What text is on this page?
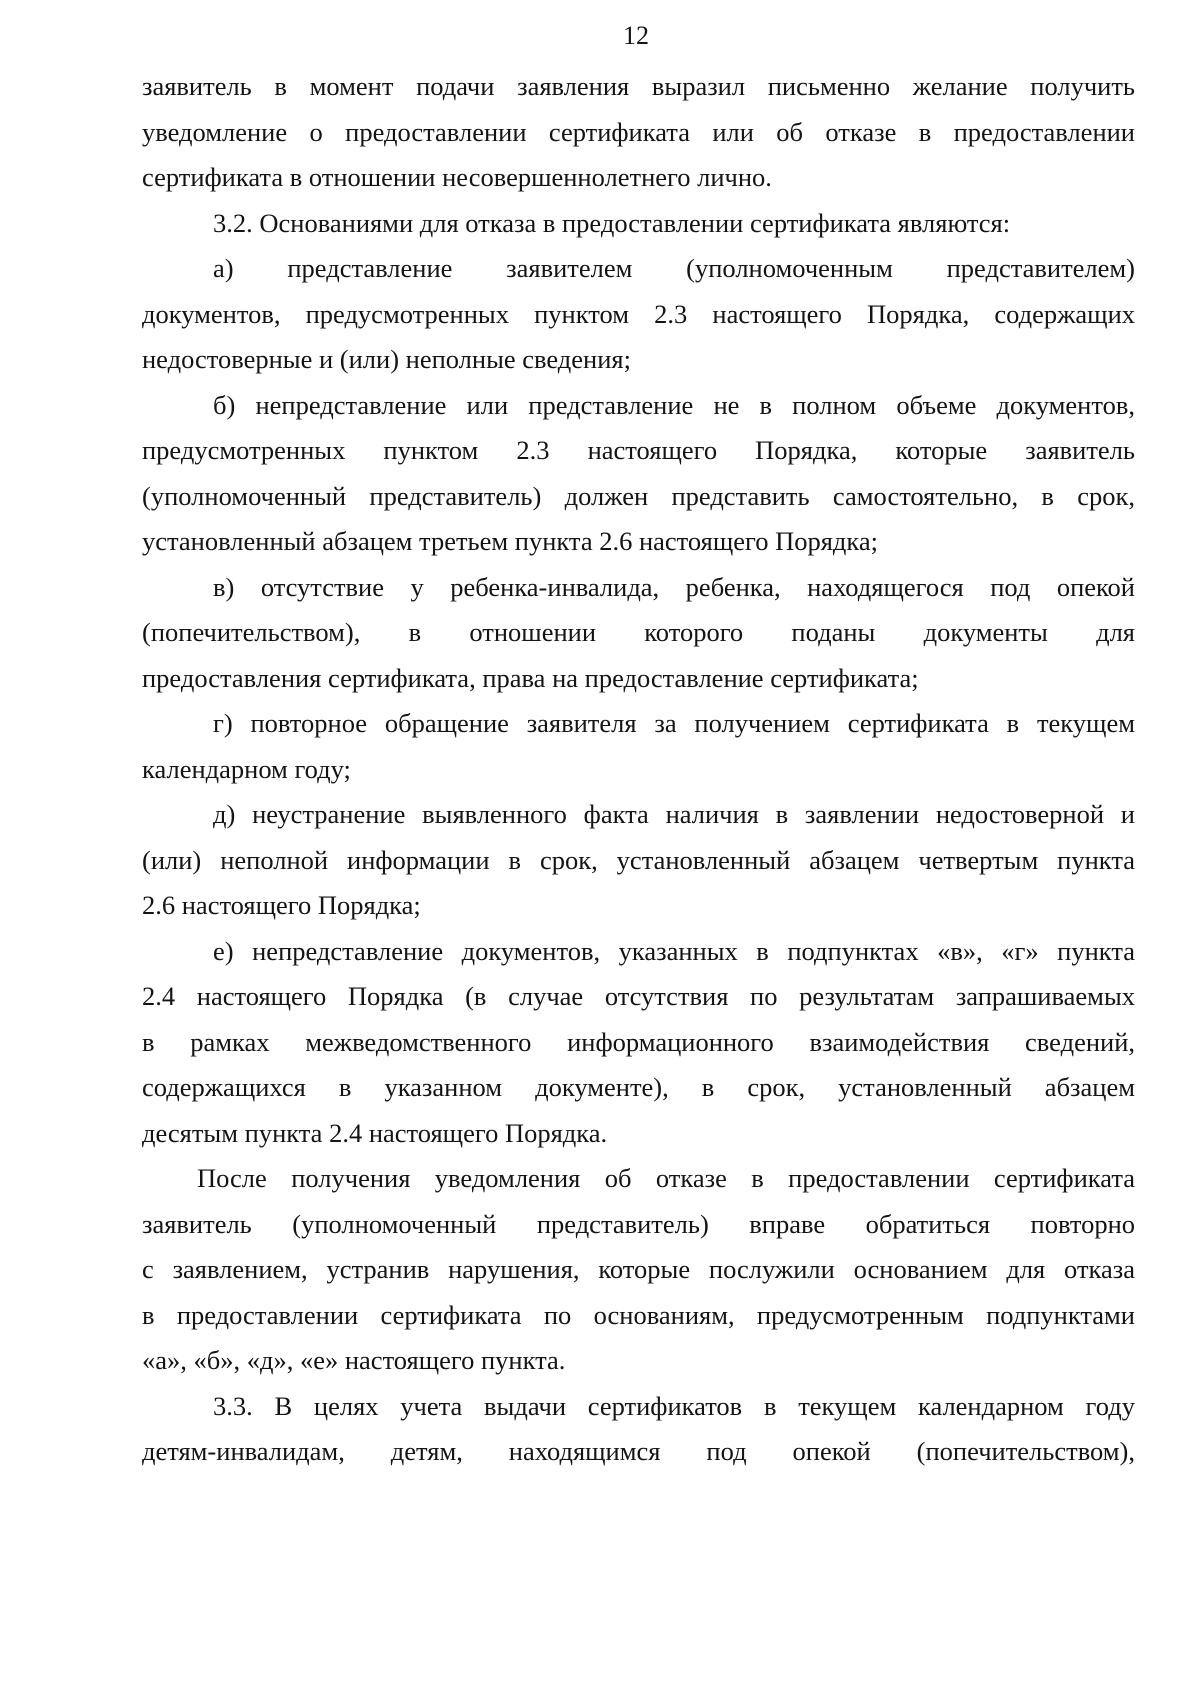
12
заявитель в момент подачи заявления выразил письменно желание получить
уведомление о предоставлении сертификата или об отказе в предоставлении
сертификата в отношении несовершеннолетнего лично.
3.2. Основаниями для отказа в предоставлении сертификата являются:
а) представление заявителем (уполномоченным представителем)
документов, предусмотренных пунктом 2.3 настоящего Порядка, содержащих
недостоверные и (или) неполные сведения;
б) непредставление или представление не в полном объеме документов,
предусмотренных пунктом 2.3 настоящего Порядка, которые заявитель
(уполномоченный представитель) должен представить самостоятельно, в срок,
установленный абзацем третьем пункта 2.6 настоящего Порядка;
в) отсутствие у ребенка-инвалида, ребенка, находящегося под опекой
(попечительством), в отношении которого поданы документы для
предоставления сертификата, права на предоставление сертификата;
г) повторное обращение заявителя за получением сертификата в текущем
календарном году;
д) неустранение выявленного факта наличия в заявлении недостоверной и
(или) неполной информации в срок, установленный абзацем четвертым пункта
2.6 настоящего Порядка;
е) непредставление документов, указанных в подпунктах «в», «г» пункта
2.4 настоящего Порядка (в случае отсутствия по результатам запрашиваемых
в рамках межведомственного информационного взаимодействия сведений,
содержащихся в указанном документе), в срок, установленный абзацем
десятым пункта 2.4 настоящего Порядка.
После получения уведомления об отказе в предоставлении сертификата
заявитель (уполномоченный представитель) вправе обратиться повторно
с заявлением, устранив нарушения, которые послужили основанием для отказа
в предоставлении сертификата по основаниям, предусмотренным подпунктами
«а», «б», «д», «е» настоящего пункта.
3.3. В целях учета выдачи сертификатов в текущем календарном году
детям-инвалидам, детям, находящимся под опекой (попечительством),
